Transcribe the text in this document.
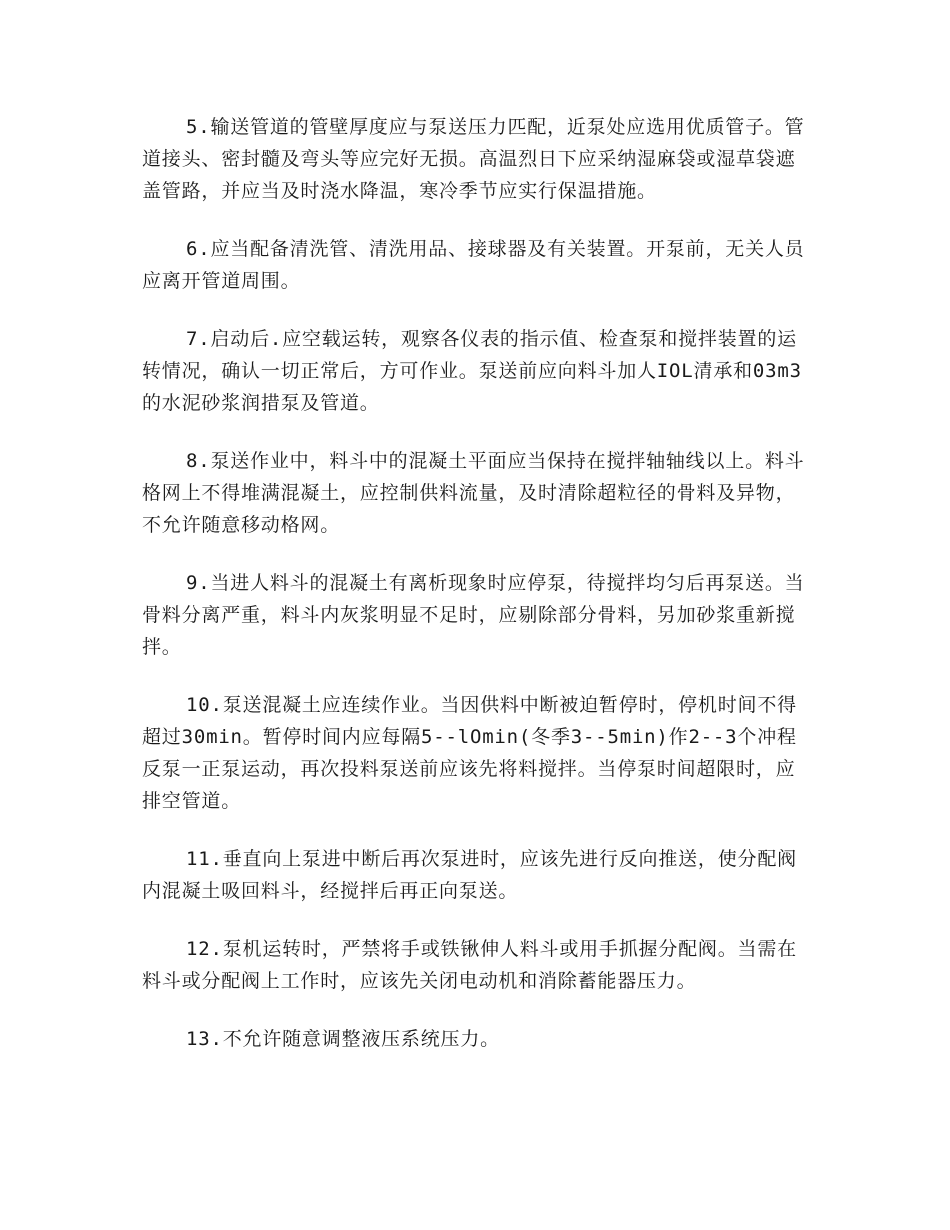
5.输送管道的管壁厚度应与泵送压力匹配，近泵处应选用优质管子。管道接头、密封髓及弯头等应完好无损。高温烈日下应采纳湿麻袋或湿草袋遮盖管路，并应当及时浇水降温，寒冷季节应实行保温措施。

6.应当配备清洗管、清洗用品、接球器及有关装置。开泵前，无关人员应离开管道周围。

7.启动后.应空载运转，观察各仪表的指示值、检查泵和搅拌装置的运转情况，确认一切正常后，方可作业。泵送前应向料斗加人IOL清承和03m3的水泥砂浆润措泵及管道。

8.泵送作业中，料斗中的混凝土平面应当保持在搅拌轴轴线以上。料斗格网上不得堆满混凝土，应控制供料流量，及时清除超粒径的骨料及异物，不允许随意移动格网。

9.当进人料斗的混凝土有离析现象时应停泵，待搅拌均匀后再泵送。当骨料分离严重，料斗内灰浆明显不足时，应剔除部分骨料，另加砂浆重新搅拌。

10.泵送混凝土应连续作业。当因供料中断被迫暂停时，停机时间不得超过30min。暂停时间内应每隔5--lOmin(冬季3--5min)作2--3个冲程反泵一正泵运动，再次投料泵送前应该先将料搅拌。当停泵时间超限时，应排空管道。

11.垂直向上泵进中断后再次泵进时，应该先进行反向推送，使分配阀内混凝土吸回料斗，经搅拌后再正向泵送。

12.泵机运转时，严禁将手或铁锹伸人料斗或用手抓握分配阀。当需在料斗或分配阀上工作时，应该先关闭电动机和消除蓄能器压力。

13.不允许随意调整液压系统压力。
